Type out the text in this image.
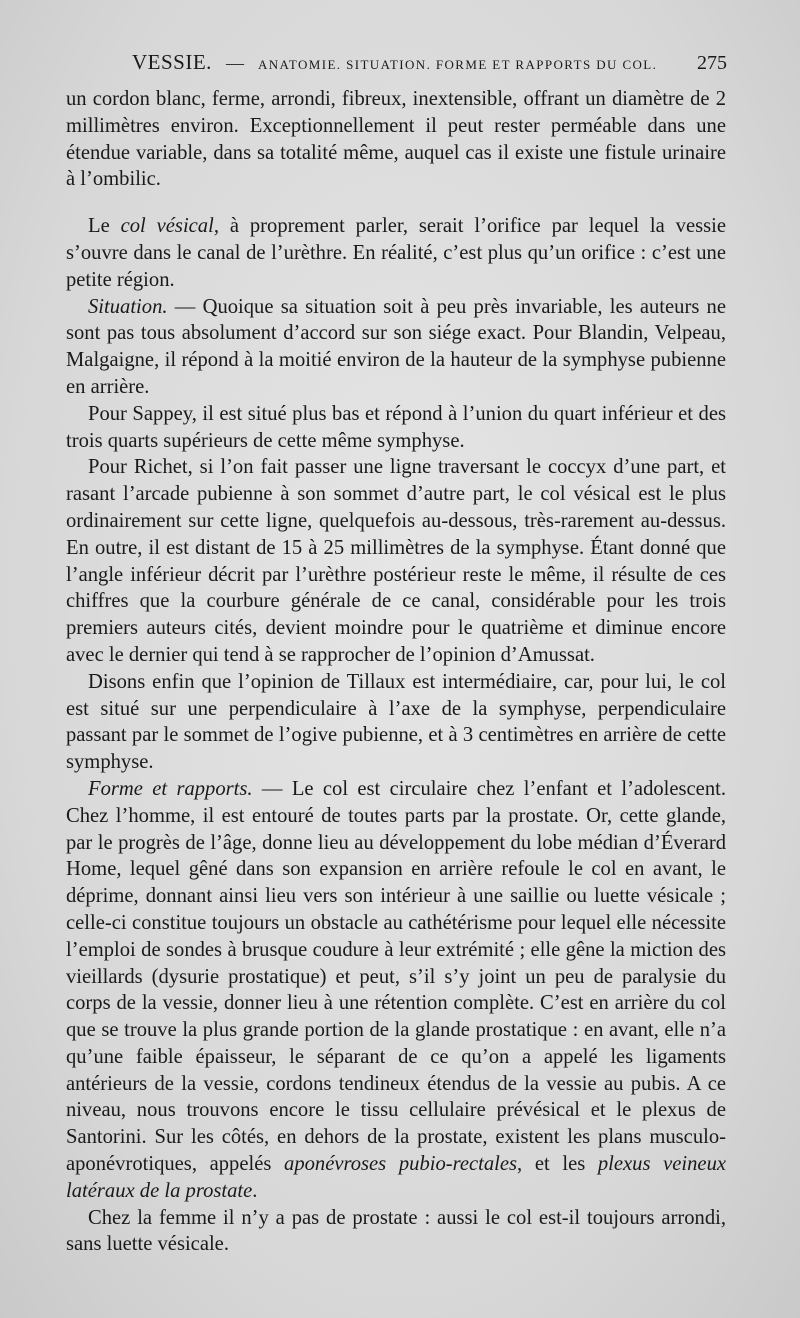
VESSIE. — ANATOMIE. SITUATION. FORME ET RAPPORTS DU COL.	275

un cordon blanc, ferme, arrondi, fibreux, inextensible, offrant un diamètre de 2 millimètres environ. Exceptionnellement il peut rester perméable dans une étendue variable, dans sa totalité même, auquel cas il existe une fistule urinaire à l’ombilic.

Le col vésical, à proprement parler, serait l’orifice par lequel la vessie s’ouvre dans le canal de l’urèthre. En réalité, c’est plus qu’un orifice : c’est une petite région.

Situation. — Quoique sa situation soit à peu près invariable, les auteurs ne sont pas tous absolument d’accord sur son siége exact. Pour Blandin, Velpeau, Malgaigne, il répond à la moitié environ de la hauteur de la symphyse pubienne en arrière.

Pour Sappey, il est situé plus bas et répond à l’union du quart inférieur et des trois quarts supérieurs de cette même symphyse.

Pour Richet, si l’on fait passer une ligne traversant le coccyx d’une part, et rasant l’arcade pubienne à son sommet d’autre part, le col vésical est le plus ordinairement sur cette ligne, quelquefois au-dessous, très-rarement au-dessus. En outre, il est distant de 15 à 25 millimètres de la symphyse. Étant donné que l’angle inférieur décrit par l’urèthre postérieur reste le même, il résulte de ces chiffres que la courbure générale de ce canal, considérable pour les trois premiers auteurs cités, devient moindre pour le quatrième et diminue encore avec le dernier qui tend à se rapprocher de l’opinion d’Amussat.

Disons enfin que l’opinion de Tillaux est intermédiaire, car, pour lui, le col est situé sur une perpendiculaire à l’axe de la symphyse, perpendiculaire passant par le sommet de l’ogive pubienne, et à 3 centimètres en arrière de cette symphyse.

Forme et rapports. — Le col est circulaire chez l’enfant et l’adolescent. Chez l’homme, il est entouré de toutes parts par la prostate. Or, cette glande, par le progrès de l’âge, donne lieu au développement du lobe médian d’Éverard Home, lequel gêné dans son expansion en arrière refoule le col en avant, le déprime, donnant ainsi lieu vers son intérieur à une saillie ou luette vésicale ; celle-ci constitue toujours un obstacle au cathétérisme pour lequel elle nécessite l’emploi de sondes à brusque coudure à leur extrémité ; elle gêne la miction des vieillards (dysurie prostatique) et peut, s’il s’y joint un peu de paralysie du corps de la vessie, donner lieu à une rétention complète. C’est en arrière du col que se trouve la plus grande portion de la glande prostatique : en avant, elle n’a qu’une faible épaisseur, le séparant de ce qu’on a appelé les ligaments antérieurs de la vessie, cordons tendineux étendus de la vessie au pubis. A ce niveau, nous trouvons encore le tissu cellulaire prévésical et le plexus de Santorini. Sur les côtés, en dehors de la prostate, existent les plans musculo-aponévrotiques, appelés aponévroses pubio-rectales, et les plexus veineux latéraux de la prostate.

Chez la femme il n’y a pas de prostate : aussi le col est-il toujours arrondi, sans luette vésicale.
